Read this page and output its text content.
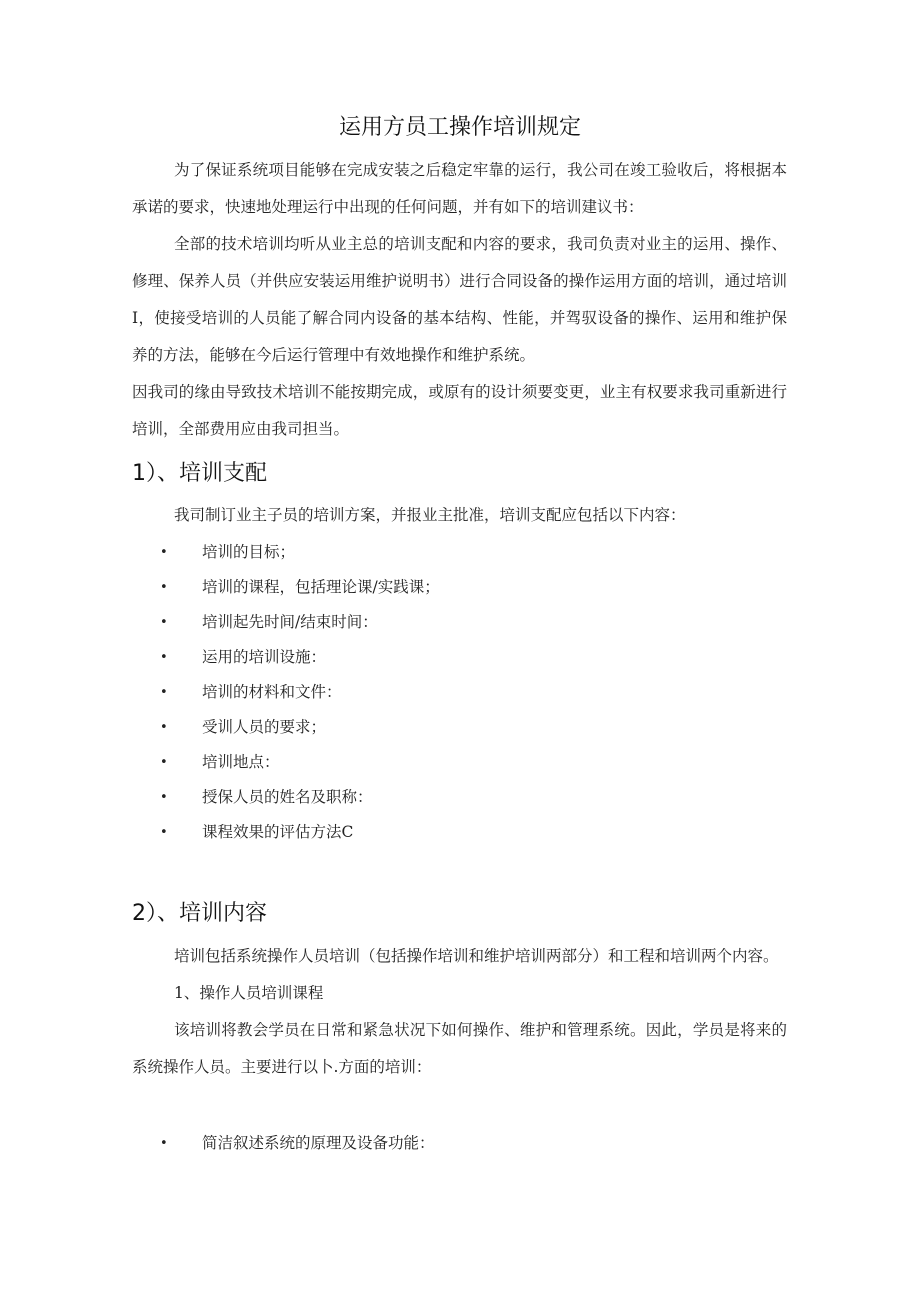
运用方员工操作培训规定

为了保证系统项目能够在完成安装之后稳定牢靠的运行，我公司在竣工验收后，将根据本承诺的要求，快速地处理运行中出现的任何问题，并有如下的培训建议书：

全部的技术培训均听从业主总的培训支配和内容的要求，我司负责对业主的运用、操作、修理、保养人员（并供应安装运用维护说明书）进行合同设备的操作运用方面的培训，通过培训I，使接受培训的人员能了解合同内设备的基本结构、性能，并驾驭设备的操作、运用和维护保养的方法，能够在今后运行管理中有效地操作和维护系统。

因我司的缘由导致技术培训不能按期完成，或原有的设计须要变更，业主有权要求我司重新进行培训，全部费用应由我司担当。

1）、培训支配

我司制订业主子员的培训方案，并报业主批准，培训支配应包括以下内容：

• 培训的目标；
• 培训的课程，包括理论课/实践课；
• 培训起先时间/结束时间：
• 运用的培训设施：
• 培训的材料和文件：
• 受训人员的要求；
• 培训地点：
• 授保人员的姓名及职称：
• 课程效果的评估方法C
2）、培训内容

培训包括系统操作人员培训（包括操作培训和维护培训两部分）和工程和培训两个内容。

1、操作人员培训课程

该培训将教会学员在日常和紧急状况下如何操作、维护和管理系统。因此，学员是将来的系统操作人员。主要进行以卜.方面的培训：

• 简洁叙述系统的原理及设备功能：
